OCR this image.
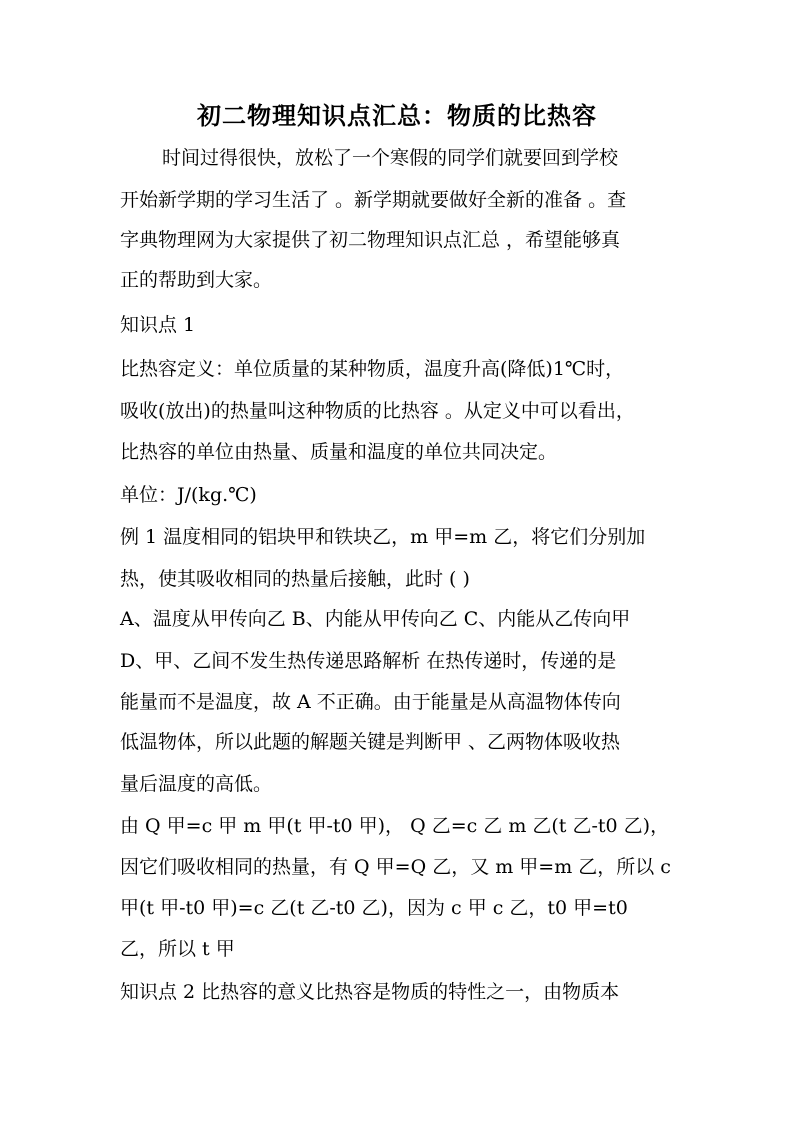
初二物理知识点汇总：物质的比热容
时间过得很快，放松了一个寒假的同学们就要回到学校
开始新学期的学习生活了 。新学期就要做好全新的准备 。查
字典物理网为大家提供了初二物理知识点汇总 ，希望能够真
正的帮助到大家。
知识点 1
比热容定义：单位质量的某种物质，温度升高(降低)1℃时，
吸收(放出)的热量叫这种物质的比热容 。从定义中可以看出，
比热容的单位由热量、质量和温度的单位共同决定。
单位：J/(kg.℃)
例 1 温度相同的铝块甲和铁块乙，m 甲=m 乙，将它们分别加
热，使其吸收相同的热量后接触，此时 ( )
A、温度从甲传向乙 B、内能从甲传向乙 C、内能从乙传向甲
D、甲、乙间不发生热传递思路解析 在热传递时，传递的是
能量而不是温度，故 A 不正确。由于能量是从高温物体传向
低温物体，所以此题的解题关键是判断甲 、乙两物体吸收热
量后温度的高低。
由 Q 甲=c 甲 m 甲(t 甲-t0 甲)， Q 乙=c 乙 m 乙(t 乙-t0 乙)，
因它们吸收相同的热量，有 Q 甲=Q 乙，又 m 甲=m 乙，所以 c
甲(t 甲-t0 甲)=c 乙(t 乙-t0 乙)，因为 c 甲 c 乙，t0 甲=t0
乙，所以 t 甲
知识点 2 比热容的意义比热容是物质的特性之一，由物质本
